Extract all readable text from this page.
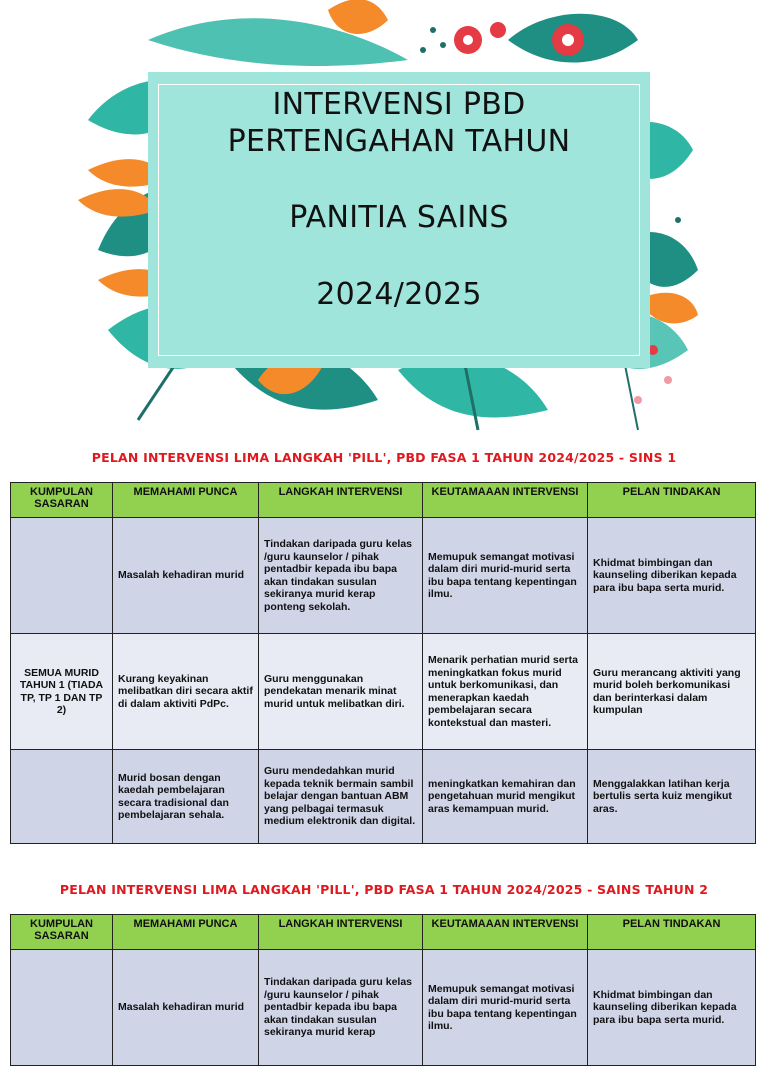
INTERVENSI PBD
PERTENGAHAN TAHUN
PANITIA SAINS
2024/2025
PELAN INTERVENSI LIMA LANGKAH 'PILL', PBD FASA 1 TAHUN 2024/2025 - SINS 1
KUMPULAN SASARAN	MEMAHAMI PUNCA	LANGKAH INTERVENSI	KEUTAMAAAN INTERVENSI	PELAN TINDAKAN
	Masalah kehadiran murid	Tindakan daripada guru kelas /guru kaunselor / pihak pentadbir kepada ibu bapa akan tindakan susulan sekiranya murid kerap ponteng sekolah.	Memupuk semangat motivasi dalam diri murid-murid serta ibu bapa tentang kepentingan ilmu.	Khidmat bimbingan dan kaunseling diberikan kepada para ibu bapa serta murid.
SEMUA MURID TAHUN 1 (TIADA TP, TP 1 DAN TP 2)	Kurang keyakinan melibatkan diri secara aktif di dalam aktiviti PdPc.	Guru menggunakan pendekatan menarik minat murid untuk melibatkan diri.	Menarik perhatian murid serta meningkatkan fokus murid untuk berkomunikasi, dan menerapkan kaedah pembelajaran secara kontekstual dan masteri.	Guru merancang aktiviti yang murid boleh berkomunikasi dan berinterkasi dalam kumpulan
	Murid bosan dengan kaedah pembelajaran secara tradisional dan pembelajaran sehala.	Guru mendedahkan murid kepada teknik bermain sambil belajar dengan bantuan ABM yang pelbagai termasuk medium elektronik dan digital.	meningkatkan kemahiran dan pengetahuan murid mengikut aras kemampuan murid.	Menggalakkan latihan kerja bertulis serta kuiz mengikut aras.
PELAN INTERVENSI LIMA LANGKAH 'PILL', PBD FASA 1 TAHUN 2024/2025 - SAINS TAHUN 2
KUMPULAN SASARAN	MEMAHAMI PUNCA	LANGKAH INTERVENSI	KEUTAMAAAN INTERVENSI	PELAN TINDAKAN
	Masalah kehadiran murid	Tindakan daripada guru kelas /guru kaunselor / pihak pentadbir kepada ibu bapa akan tindakan susulan sekiranya murid kerap	Memupuk semangat motivasi dalam diri murid-murid serta ibu bapa tentang kepentingan ilmu.	Khidmat bimbingan dan kaunseling diberikan kepada para ibu bapa serta murid.
